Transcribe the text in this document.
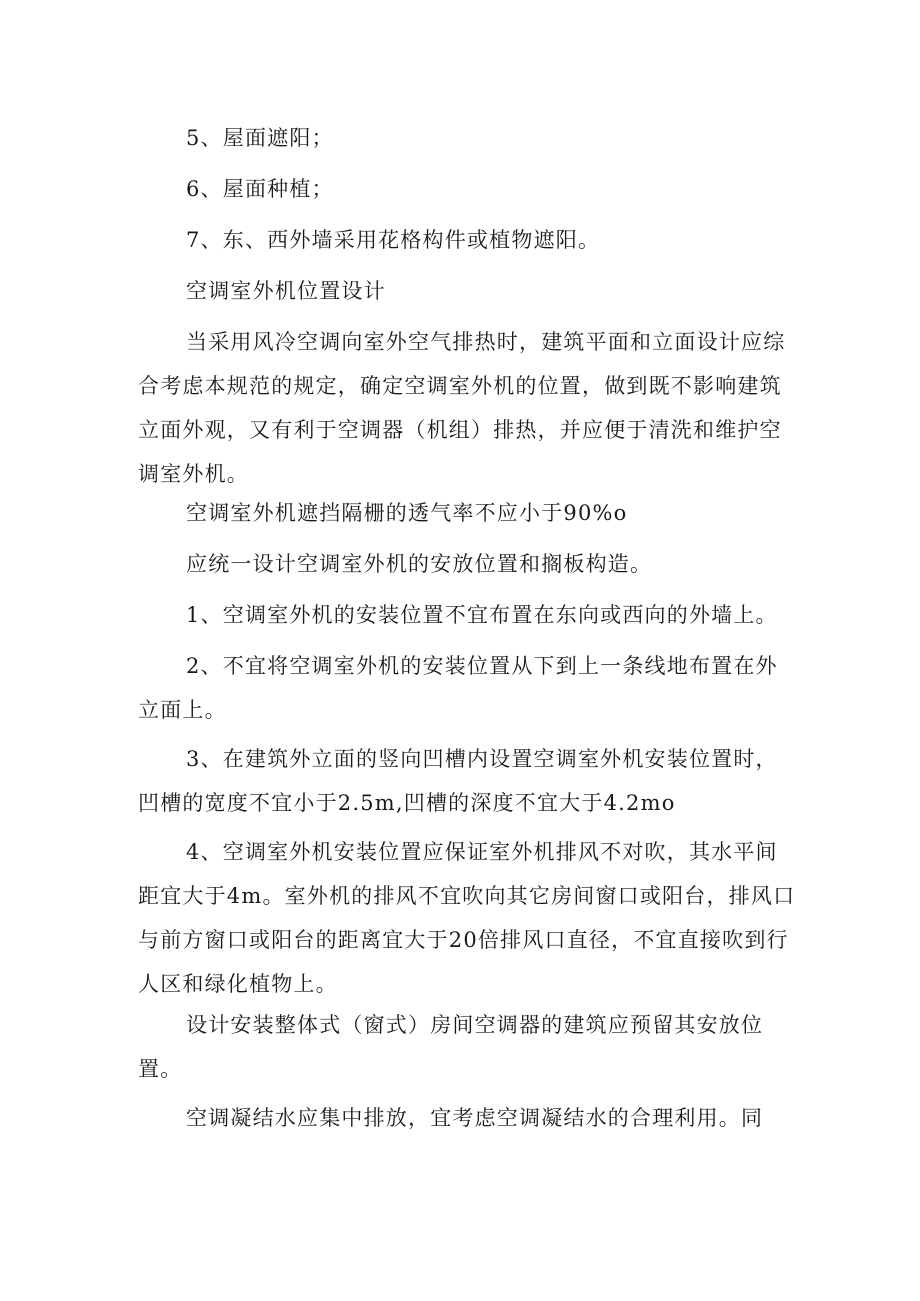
5、屋面遮阳；

6、屋面种植；

7、东、西外墙采用花格构件或植物遮阳。

空调室外机位置设计

当采用风冷空调向室外空气排热时，建筑平面和立面设计应综合考虑本规范的规定，确定空调室外机的位置，做到既不影响建筑立面外观，又有利于空调器（机组）排热，并应便于清洗和维护空调室外机。

空调室外机遮挡隔栅的透气率不应小于90%o

应统一设计空调室外机的安放位置和搁板构造。

1、空调室外机的安装位置不宜布置在东向或西向的外墙上。

2、不宜将空调室外机的安装位置从下到上一条线地布置在外立面上。

3、在建筑外立面的竖向凹槽内设置空调室外机安装位置时，凹槽的宽度不宜小于2.5m,凹槽的深度不宜大于4.2mo

4、空调室外机安装位置应保证室外机排风不对吹，其水平间距宜大于4m。室外机的排风不宜吹向其它房间窗口或阳台，排风口与前方窗口或阳台的距离宜大于20倍排风口直径，不宜直接吹到行人区和绿化植物上。

设计安装整体式（窗式）房间空调器的建筑应预留其安放位置。

空调凝结水应集中排放，宜考虑空调凝结水的合理利用。同
